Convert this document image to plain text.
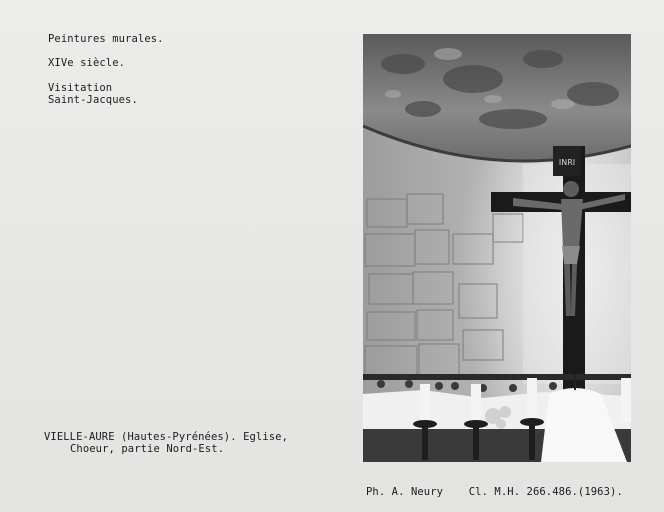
Peintures murales.
XIVe siècle.
Visitation
Saint-Jacques.
INRI
VIELLE-AURE (Hautes-Pyrénées). Eglise,
Choeur, partie Nord-Est.
Ph. A. Neury    Cl. M.H. 266.486.(1963).
